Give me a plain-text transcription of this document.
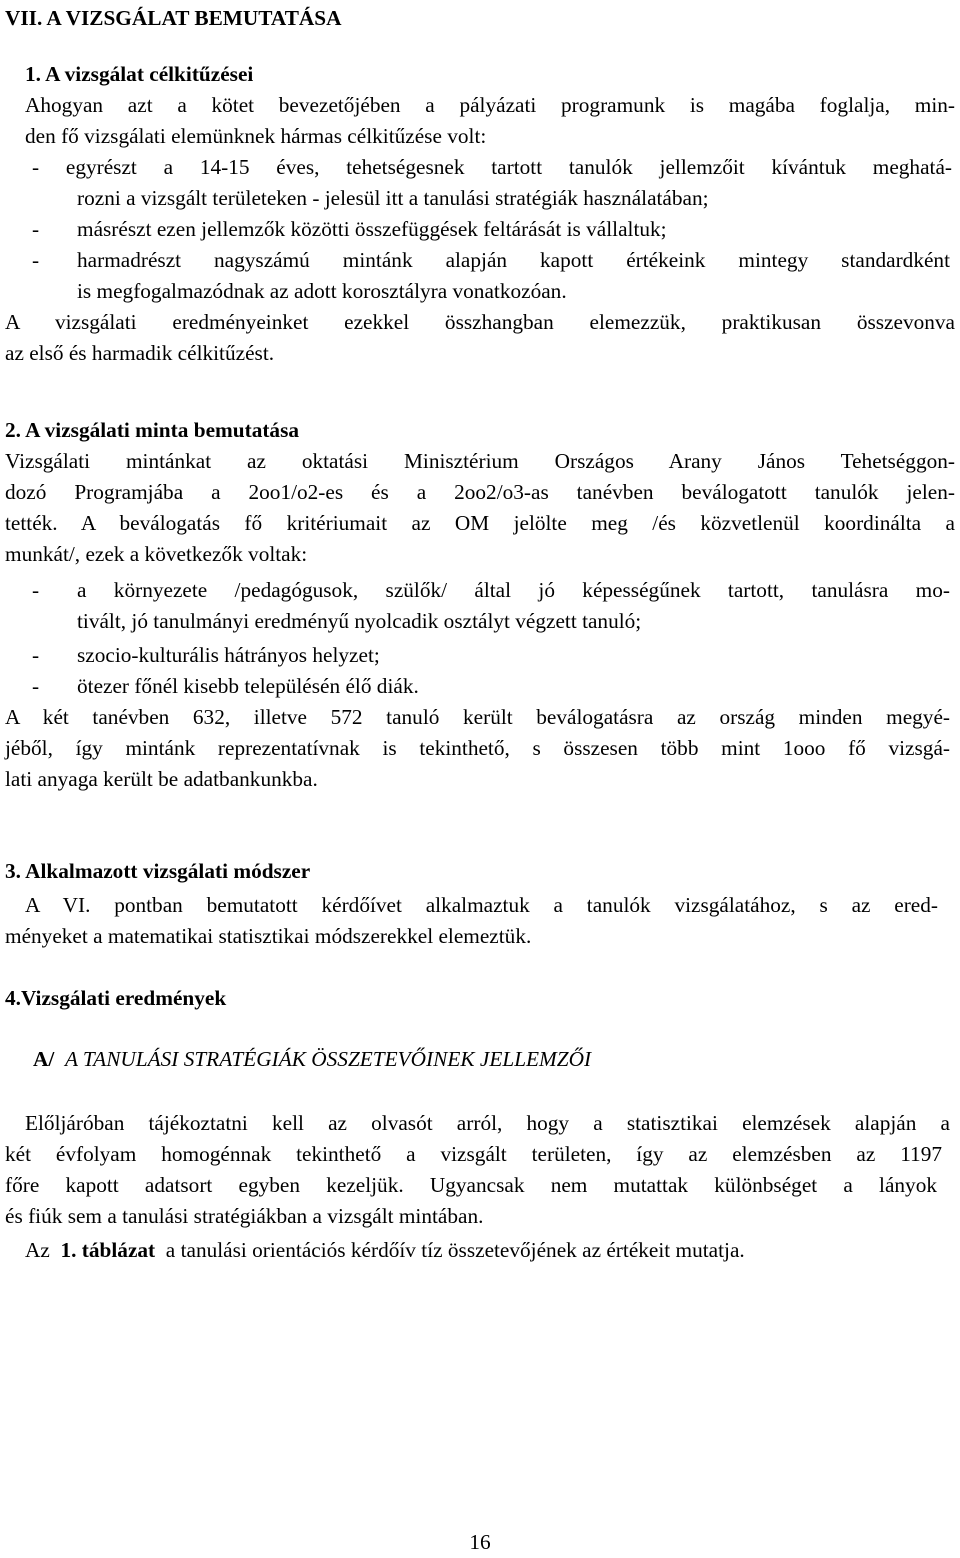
VII. A VIZSGÁLAT BEMUTATÁSA
1. A vizsgálat célkitűzései
Ahogyan azt a kötet bevezetőjében a pályázati programunk is magába foglalja, min-
den fő vizsgálati elemünknek hármas célkitűzése volt:
- egyrészt a 14-15 éves, tehetségesnek tartott tanulók jellemzőit kívántuk meghatá-
rozni a vizsgált területeken - jelesül itt a tanulási stratégiák használatában;
- másrészt ezen jellemzők közötti összefüggések feltárását is vállaltuk;
- harmadrészt nagyszámú mintánk alapján kapott értékeink mintegy standardként
is megfogalmazódnak az adott korosztályra vonatkozóan.
A vizsgálati eredményeinket ezekkel összhangban elemezzük, praktikusan összevonva
az első és harmadik célkitűzést.
2. A vizsgálati minta bemutatása
Vizsgálati mintánkat az oktatási Minisztérium Országos Arany János Tehetséggon-
dozó Programjába a 2oo1/o2-es és a 2oo2/o3-as tanévben beválogatott tanulók jelen-
tették. A beválogatás fő kritériumait az OM jelölte meg /és közvetlenül koordinálta a
munkát/, ezek a következők voltak:
- a környezete /pedagógusok, szülők/ által jó képességűnek tartott, tanulásra mo-
tivált, jó tanulmányi eredményű nyolcadik osztályt végzett tanuló;
- szocio-kulturális hátrányos helyzet;
- ötezer főnél kisebb településén élő diák.
A két tanévben 632, illetve 572 tanuló került beválogatásra az ország minden megyé-
jéből, így mintánk reprezentatívnak is tekinthető, s összesen több mint 1ooo fő vizsgá-
lati anyaga került be adatbankunkba.
3. Alkalmazott vizsgálati módszer
A VI. pontban bemutatott kérdőívet alkalmaztuk a tanulók vizsgálatához, s az ered-
ményeket a matematikai statisztikai módszerekkel elemeztük.
4.Vizsgálati eredmények
A/ A TANULÁSI STRATÉGIÁK ÖSSZETEVŐINEK JELLEMZŐI
Előljáróban tájékoztatni kell az olvasót arról, hogy a statisztikai elemzések alapján a
két évfolyam homogénnak tekinthető a vizsgált területen, így az elemzésben az 1197
főre kapott adatsort egyben kezeljük. Ugyancsak nem mutattak különbséget a lányok
és fiúk sem a tanulási stratégiákban a vizsgált mintában.
Az 1. táblázat a tanulási orientációs kérdőív tíz összetevőjének az értékeit mutatja.
16
